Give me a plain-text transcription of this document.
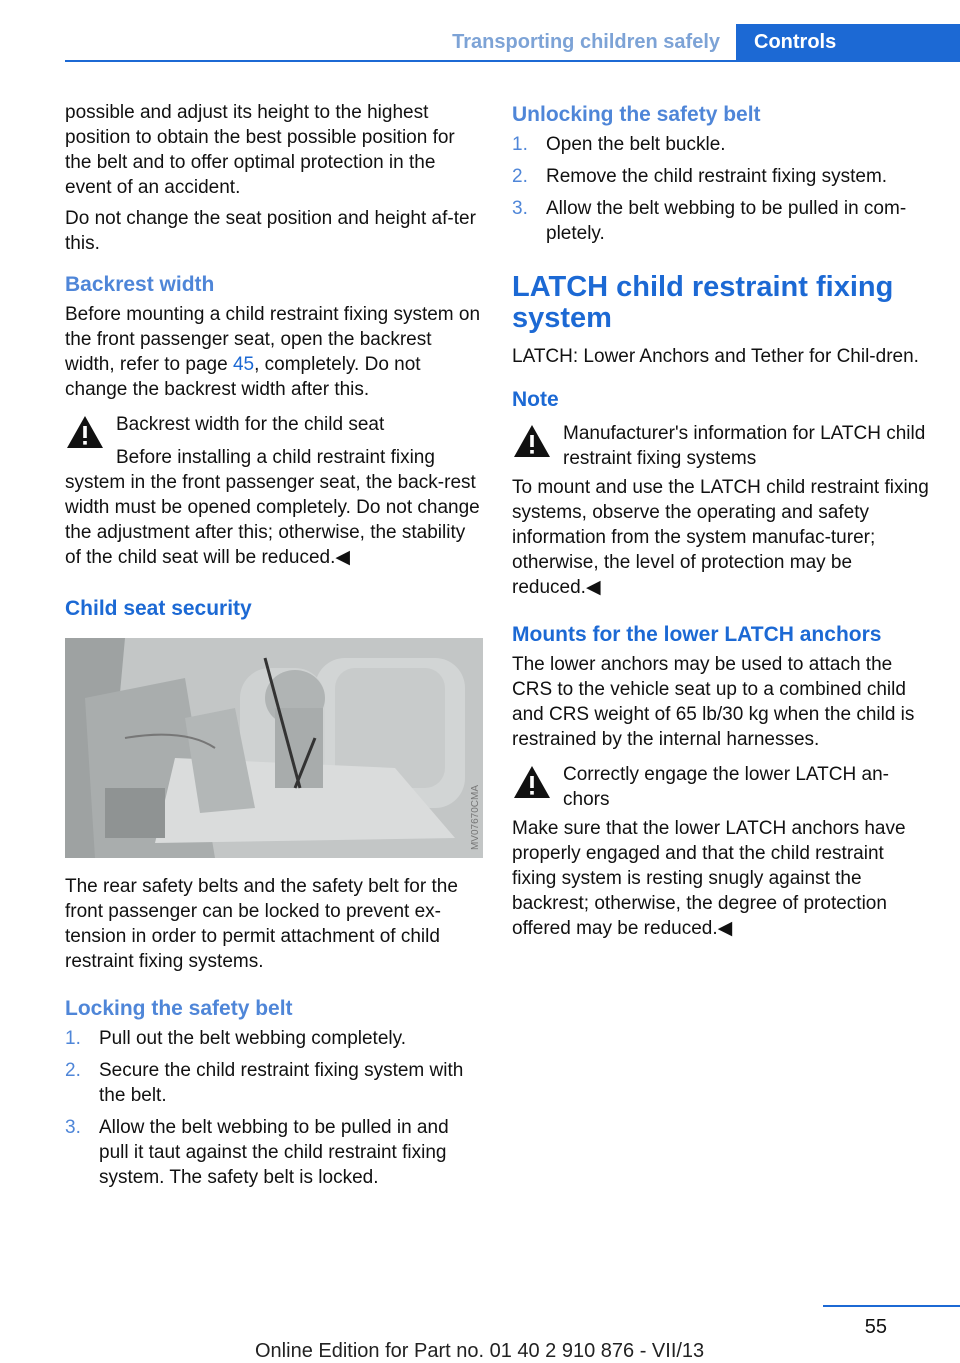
Transporting children safely	Controls

possible and adjust its height to the highest position to obtain the best possible position for the belt and to offer optimal protection in the event of an accident.

Do not change the seat position and height af‐ter this.

Backrest width

Before mounting a child restraint fixing system on the front passenger seat, open the backrest width, refer to page 45, completely. Do not change the backrest width after this.

Backrest width for the child seat
Before installing a child restraint fixing

system in the front passenger seat, the back‐rest width must be opened completely. Do not change the adjustment after this; otherwise, the stability of the child seat will be reduced.◀

Child seat security
MV07670CMA

The rear safety belts and the safety belt for the front passenger can be locked to prevent ex‐tension in order to permit attachment of child restraint fixing systems.

Locking the safety belt
1. Pull out the belt webbing completely.
2. Secure the child restraint fixing system with the belt.
3. Allow the belt webbing to be pulled in and pull it taut against the child restraint fixing system. The safety belt is locked.
Unlocking the safety belt
1. Open the belt buckle.
2. Remove the child restraint fixing system.
3. Allow the belt webbing to be pulled in com‐pletely.
LATCH child restraint fixing system

LATCH: Lower Anchors and Tether for Chil‐dren.

Note
Manufacturer's information for LATCH child restraint fixing systems

To mount and use the LATCH child restraint fixing systems, observe the operating and safety information from the system manufac‐turer; otherwise, the level of protection may be reduced.◀

Mounts for the lower LATCH anchors

The lower anchors may be used to attach the CRS to the vehicle seat up to a combined child and CRS weight of 65 lb/30 kg when the child is restrained by the internal harnesses.

Correctly engage the lower LATCH an‐chors

Make sure that the lower LATCH anchors have properly engaged and that the child restraint fixing system is resting snugly against the backrest; otherwise, the degree of protection offered may be reduced.◀

55
Online Edition for Part no. 01 40 2 910 876 - VII/13
